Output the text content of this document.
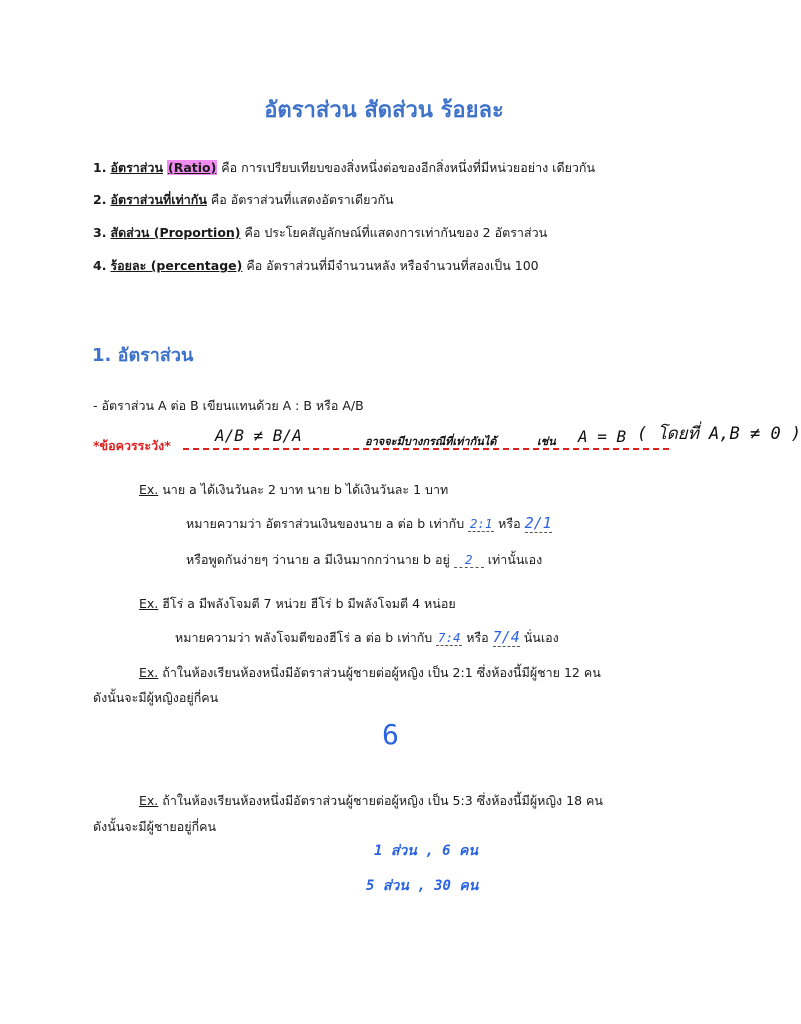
อัตราส่วน สัดส่วน ร้อยละ
1. อัตราส่วน (Ratio) คือ การเปรียบเทียบของสิ่งหนึ่งต่อของอีกสิ่งหนึ่งที่มีหน่วยอย่าง เดียวกัน
2. อัตราส่วนที่เท่ากัน คือ อัตราส่วนที่แสดงอัตราเดียวกัน
3. สัดส่วน (Proportion) คือ ประโยคสัญลักษณ์ที่แสดงการเท่ากันของ 2 อัตราส่วน
4. ร้อยละ (percentage) คือ อัตราส่วนที่มีจำนวนหลัง หรือจำนวนที่สองเป็น 100
1. อัตราส่วน
- อัตราส่วน A ต่อ B เขียนแทนด้วย A : B หรือ A/B
*ข้อควรระวัง*
A/B ≠ B/A	อาจจะมีบางกรณีที่เท่ากันได้	เช่น A = B ( โดยที่ A,B ≠ 0 )
Ex. นาย a ได้เงินวันละ 2 บาท นาย b ได้เงินวันละ 1 บาท
หมายความว่า อัตราส่วนเงินของนาย a ต่อ b เท่ากับ 2:1 หรือ 2/1
หรือพูดกันง่ายๆ ว่านาย a มีเงินมากกว่านาย b อยู่ 2 เท่านั้นเอง
Ex. ฮีโร่ a มีพลังโจมตี 7 หน่วย ฮีโร่ b มีพลังโจมตี 4 หน่อย
หมายความว่า พลังโจมตีของฮีโร่ a ต่อ b เท่ากับ 7:4 หรือ 7/4 นั่นเอง
Ex. ถ้าในห้องเรียนห้องหนึ่งมีอัตราส่วนผู้ชายต่อผู้หญิง เป็น 2:1 ซึ่งห้องนี้มีผู้ชาย 12 คน
ดังนั้นจะมีผู้หญิงอยู่กี่คน
6
Ex. ถ้าในห้องเรียนห้องหนึ่งมีอัตราส่วนผู้ชายต่อผู้หญิง เป็น 5:3 ซึ่งห้องนี้มีผู้หญิง 18 คน
ดังนั้นจะมีผู้ชายอยู่กี่คน
1 ส่วน , 6 คน
5 ส่วน , 30 คน
